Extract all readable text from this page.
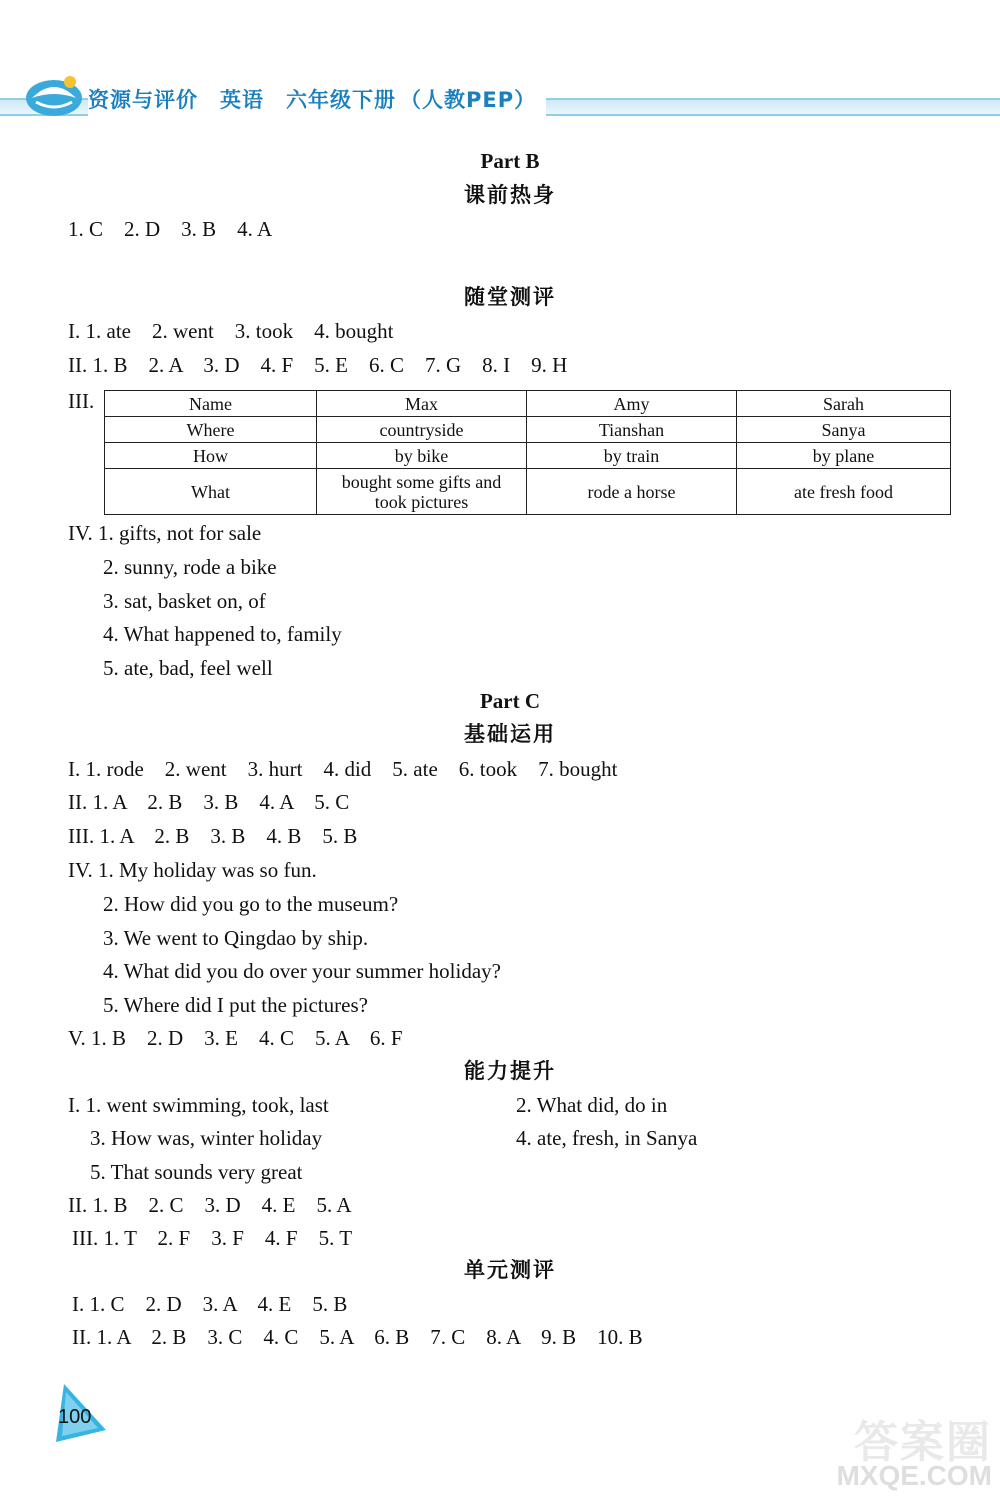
资源与评价 英语 六年级下册 （人教PEP）
Part B
课前热身
1. C    2. D    3. B    4. A
随堂测评
I. 1. ate    2. went    3. took    4. bought
II. 1. B    2. A    3. D    4. F    5. E    6. C    7. G    8. I    9. H
III.	Name	Max	Amy	Sarah
Where	countryside	Tianshan	Sanya
How	by bike	by train	by plane
What	bought some gifts and took pictures	rode a horse	ate fresh food
IV. 1. gifts, not for sale
2. sunny, rode a bike
3. sat, basket on, of
4. What happened to, family
5. ate, bad, feel well
Part C
基础运用
I. 1. rode    2. went    3. hurt    4. did    5. ate    6. took    7. bought
II. 1. A    2. B    3. B    4. A    5. C
III. 1. A    2. B    3. B    4. B    5. B
IV. 1. My holiday was so fun.
2. How did you go to the museum?
3. We went to Qingdao by ship.
4. What did you do over your summer holiday?
5. Where did I put the pictures?
V. 1. B    2. D    3. E    4. C    5. A    6. F
能力提升
I. 1. went swimming, took, last	2. What did, do in
3. How was, winter holiday	4. ate, fresh, in Sanya
5. That sounds very great
II. 1. B    2. C    3. D    4. E    5. A
III. 1. T    2. F    3. F    4. F    5. T
单元测评
I. 1. C    2. D    3. A    4. E    5. B
II. 1. A    2. B    3. C    4. C    5. A    6. B    7. C    8. A    9. B    10. B
100	答案圈
MXQE.COM
